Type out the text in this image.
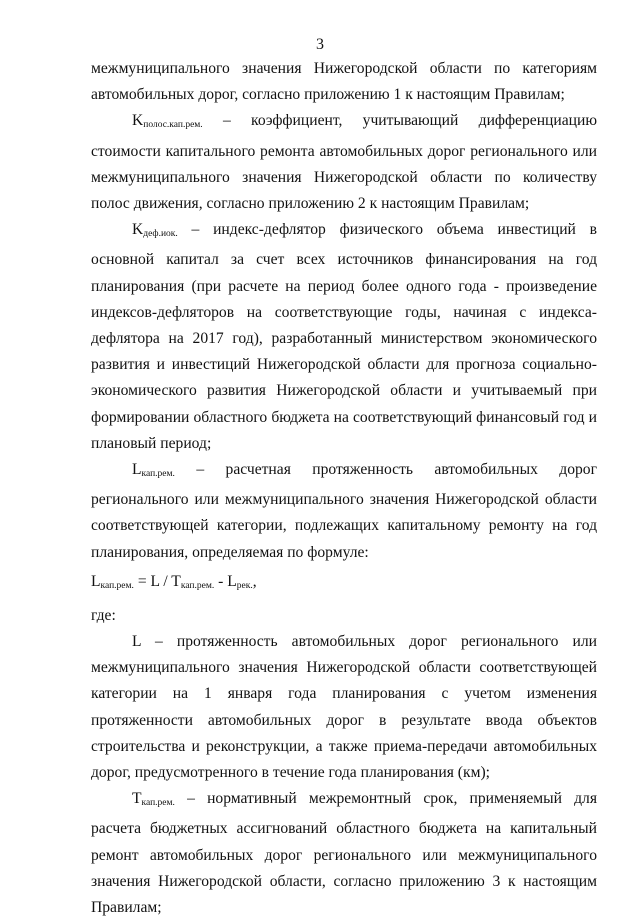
3

межмуниципального значения Нижегородской области по категориям автомобильных дорог, согласно приложению 1 к настоящим Правилам;

$K_{полос.кап.рем.}$ – коэффициент, учитывающий дифференциацию стоимости капитального ремонта автомобильных дорог регионального или межмуниципального значения Нижегородской области по количеству полос движения, согласно приложению 2 к настоящим Правилам;

$K_{деф.иок.}$ – индекс-дефлятор физического объема инвестиций в основной капитал за счет всех источников финансирования на год планирования (при расчете на период более одного года - произведение индексов-дефляторов на соответствующие годы, начиная с индекса-дефлятора на 2017 год), разработанный министерством экономического развития и инвестиций Нижегородской области для прогноза социально-экономического развития Нижегородской области и учитываемый при формировании областного бюджета на соответствующий финансовый год и плановый период;

$L_{кап.рем.}$ – расчетная протяженность автомобильных дорог регионального или межмуниципального значения Нижегородской области соответствующей категории, подлежащих капитальному ремонту на год планирования, определяемая по формуле:

$L_{кап.рем.} = L / T_{кап.рем.} - L_{рек.}$,

где:

L – протяженность автомобильных дорог регионального или межмуниципального значения Нижегородской области соответствующей категории на 1 января года планирования с учетом изменения протяженности автомобильных дорог в результате ввода объектов строительства и реконструкции, а также приема-передачи автомобильных дорог, предусмотренного в течение года планирования (км);

$T_{кап.рем.}$ – нормативный межремонтный срок, применяемый для расчета бюджетных ассигнований областного бюджета на капитальный ремонт автомобильных дорог регионального или межмуниципального значения Нижегородской области, согласно приложению 3 к настоящим Правилам;
